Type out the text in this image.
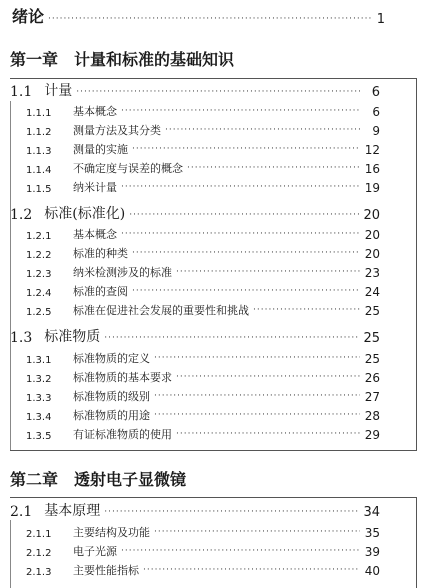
绪论 ·····	1
第一章　计量和标准的基础知识
1.1 计量 ·····	6
1.1.1	基本概念 ·····	6
1.1.2	测量方法及其分类 ·····	9
1.1.3	测量的实施 ·····	12
1.1.4	不确定度与误差的概念 ·····	16
1.1.5	纳米计量 ·····	19
1.2 标准(标准化) ·····	20
1.2.1	基本概念 ·····	20
1.2.2	标准的种类 ·····	20
1.2.3	纳米检测涉及的标准 ·····	23
1.2.4	标准的查阅 ·····	24
1.2.5	标准在促进社会发展的重要性和挑战 ·····	25
1.3 标准物质 ·····	25
1.3.1	标准物质的定义 ·····	25
1.3.2	标准物质的基本要求 ·····	26
1.3.3	标准物质的级别 ·····	27
1.3.4	标准物质的用途 ·····	28
1.3.5	有证标准物质的使用 ·····	29
第二章　透射电子显微镜
2.1 基本原理 ·····	34
2.1.1	主要结构及功能 ·····	35
2.1.2	电子光源 ·····	39
2.1.3	主要性能指标 ·····	40
